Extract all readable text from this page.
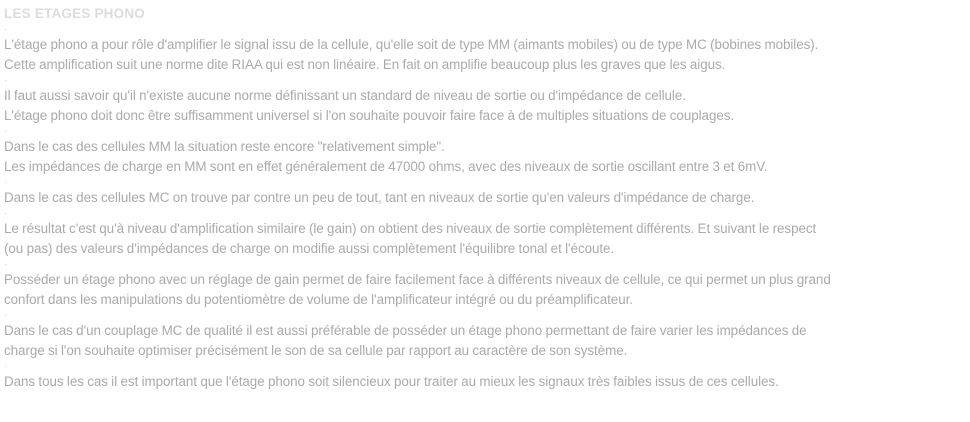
LES ETAGES PHONO

L'étage phono a pour rôle d'amplifier le signal issu de la cellule, qu'elle soit de type MM (aimants mobiles) ou de type MC (bobines mobiles).
Cette amplification suit une norme dite RIAA qui est non linéaire. En fait on amplifie beaucoup plus les graves que les aigus.

Il faut aussi savoir qu'il n'existe aucune norme définissant un standard de niveau de sortie ou d'impédance de cellule.
L'étage phono doit donc être suffisamment universel si l'on souhaite pouvoir faire face à de multiples situations de couplages.

Dans le cas des cellules MM la situation reste encore "relativement simple".
Les impédances de charge en MM sont en effet généralement de 47000 ohms, avec des niveaux de sortie oscillant entre 3 et 6mV.

Dans le cas des cellules MC on trouve par contre un peu de tout, tant en niveaux de sortie qu'en valeurs d'impédance de charge.

Le résultat c'est qu'à niveau d'amplification similaire (le gain) on obtient des niveaux de sortie complètement différents. Et suivant le respect
(ou pas) des valeurs d'impédances de charge on modifie aussi complètement l'équilibre tonal et l'écoute.

Posséder un étage phono avec un réglage de gain permet de faire facilement face à différents niveaux de cellule, ce qui permet un plus grand
confort dans les manipulations du potentiomètre de volume de l'amplificateur intégré ou du préamplificateur.

Dans le cas d'un couplage MC de qualité il est aussi préférable de posséder un étage phono permettant de faire varier les impédances de
charge si l'on souhaite optimiser précisément le son de sa cellule par rapport au caractère de son système.

Dans tous les cas il est important que l'étage phono soit silencieux pour traiter au mieux les signaux très faibles issus de ces cellules.
